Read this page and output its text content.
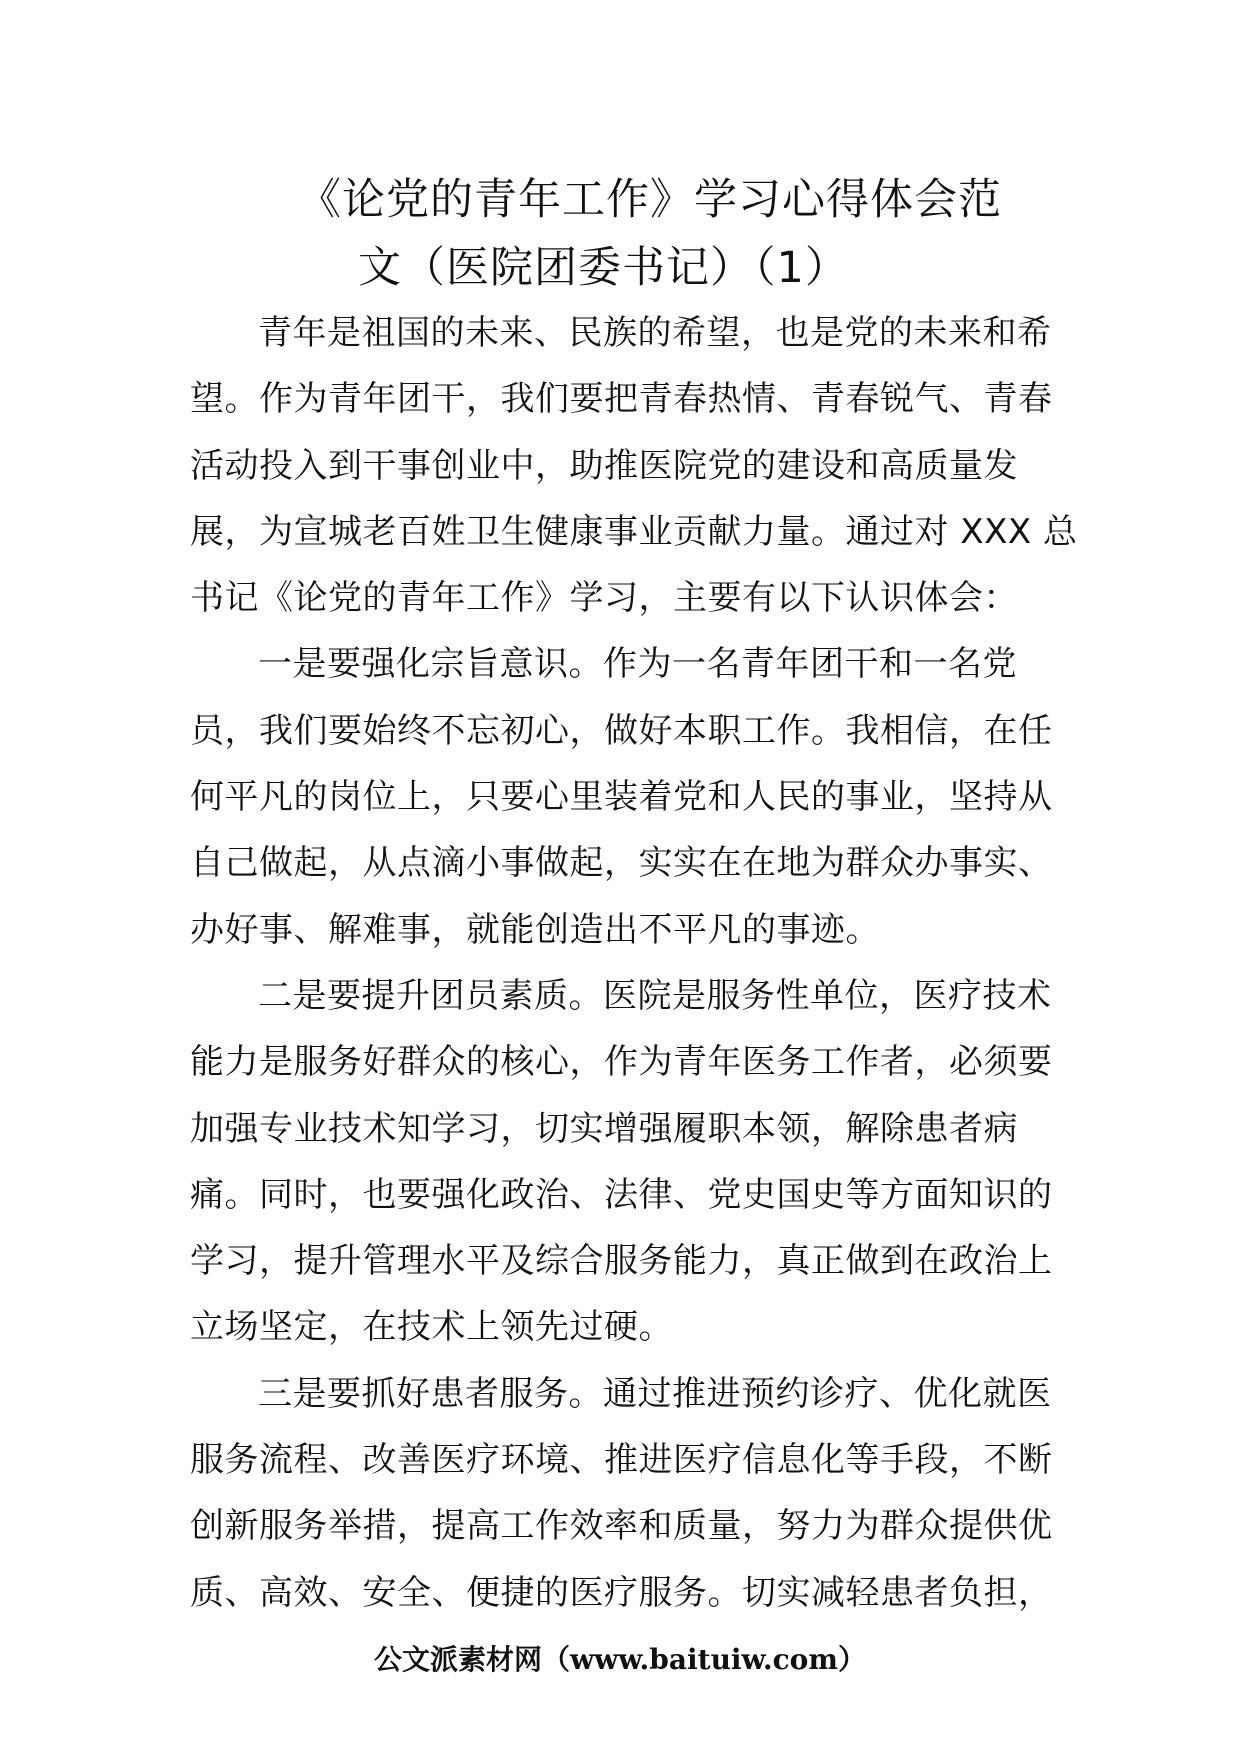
《论党的青年工作》学习心得体会范
文（医院团委书记）（1）
青年是祖国的未来、民族的希望，也是党的未来和希
望。作为青年团干，我们要把青春热情、青春锐气、青春
活动投入到干事创业中，助推医院党的建设和高质量发
展，为宣城老百姓卫生健康事业贡献力量。通过对 XXX 总
书记《论党的青年工作》学习，主要有以下认识体会：
一是要强化宗旨意识。作为一名青年团干和一名党
员，我们要始终不忘初心，做好本职工作。我相信，在任
何平凡的岗位上，只要心里装着党和人民的事业，坚持从
自己做起，从点滴小事做起，实实在在地为群众办事实、
办好事、解难事，就能创造出不平凡的事迹。
二是要提升团员素质。医院是服务性单位，医疗技术
能力是服务好群众的核心，作为青年医务工作者，必须要
加强专业技术知学习，切实增强履职本领，解除患者病
痛。同时，也要强化政治、法律、党史国史等方面知识的
学习，提升管理水平及综合服务能力，真正做到在政治上
立场坚定，在技术上领先过硬。
三是要抓好患者服务。通过推进预约诊疗、优化就医
服务流程、改善医疗环境、推进医疗信息化等手段，不断
创新服务举措，提高工作效率和质量，努力为群众提供优
质、高效、安全、便捷的医疗服务。切实减轻患者负担，
公文派素材网（www.baituiw.com）
